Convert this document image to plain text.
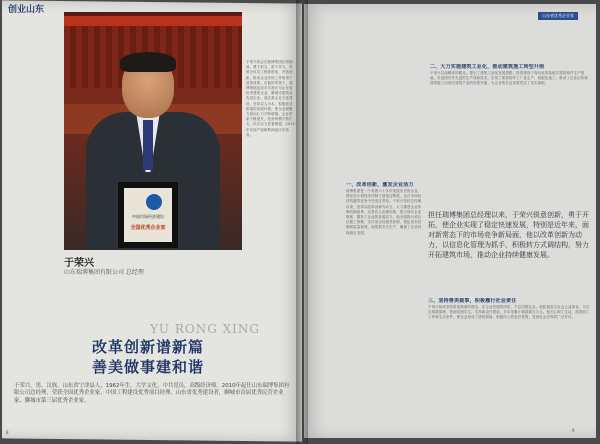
创业山东
中国市场经济建设
全国优秀企业家
于荣兴
山东瑞博集团有限公司 总经理
于荣兴同志在瑞博集团任职期间，勇于担当、敢于作为，带领全体员工锐意进取，开拓创新，推动企业各项工作取得了显著成绩。在他的带领下，瑞博集团连续多年被评为山东省优秀建筑企业，聊城市建筑业先进企业。他注重企业文化建设，坚持以人为本，积极营造和谐的发展环境，使企业凝聚力和向心力不断增强。企业资质不断提升，经营规模不断扩大，综合实力显著增强，2015年实现产值和利润创历史新高。
一、改革创新，激发企业活力
瑞博集团是一个有着六十多年发展历史的企业，曾经在计划经济体制下创造过辉煌，也在市场经济的激烈竞争中经受过考验。于荣兴担任总经理以来，坚持以改革创新为动力，大力推进企业体制机制改革，完善法人治理结构，建立现代企业制度，激发了企业的发展活力。他全面推行项目法施工管理，实行项目经理责任制，强化成本控制和质量管理。他狠抓安全生产，确保了企业持续稳定发展。
二、大力实施建筑工业化，推动建筑施工转型升级
于荣兴以战略家的眼光，提出了建筑工业化发展思路，投资建设了现代化的装配式建筑构件生产基地，引进国内外先进的生产线和技术，实现了建筑构件工厂化生产、装配化施工，推动了企业由传统建筑施工向现代建筑产业的转型升级，为企业的长远发展奠定了坚实基础。
担任瑞博集团总经理以来，于荣兴锐意创新，勇于开拓，使企业实现了稳定快速发展，特别是近年来，面对新常态下的市场竞争新局面，他以改革创新为动力，以信息化管理为抓手，积极转方式调结构，努力开拓建筑市场，推动企业持续健康发展。
三、坚持善美做事，积极履行社会责任
于荣兴始终坚持善美做事的理念，在企业发展的同时，不忘回报社会。他积极参与社会公益事业，为灾区捐款捐物，资助贫困学生，支持新农村建设，多年来累计捐款数百万元。他关心职工生活，改善职工工作和生活条件，使企业形成了团结和谐、积极向上的良好氛围，受到社会各界的广泛好评。
YU RONG XING
改革创新谱新篇
善美做事建和谐
于荣兴，男，汉族，山东省宁津县人，1962年生，大学文化，中共党员，高级经济师。2010年起任山东瑞博集团有限公司总经理，荣获全国优秀企业家、中国工程建设优秀项目经理、山东省优秀建设者，聊城市首届优秀民营企业家、聊城市第三届优秀企业家。
山东省优秀企业家
8	9
